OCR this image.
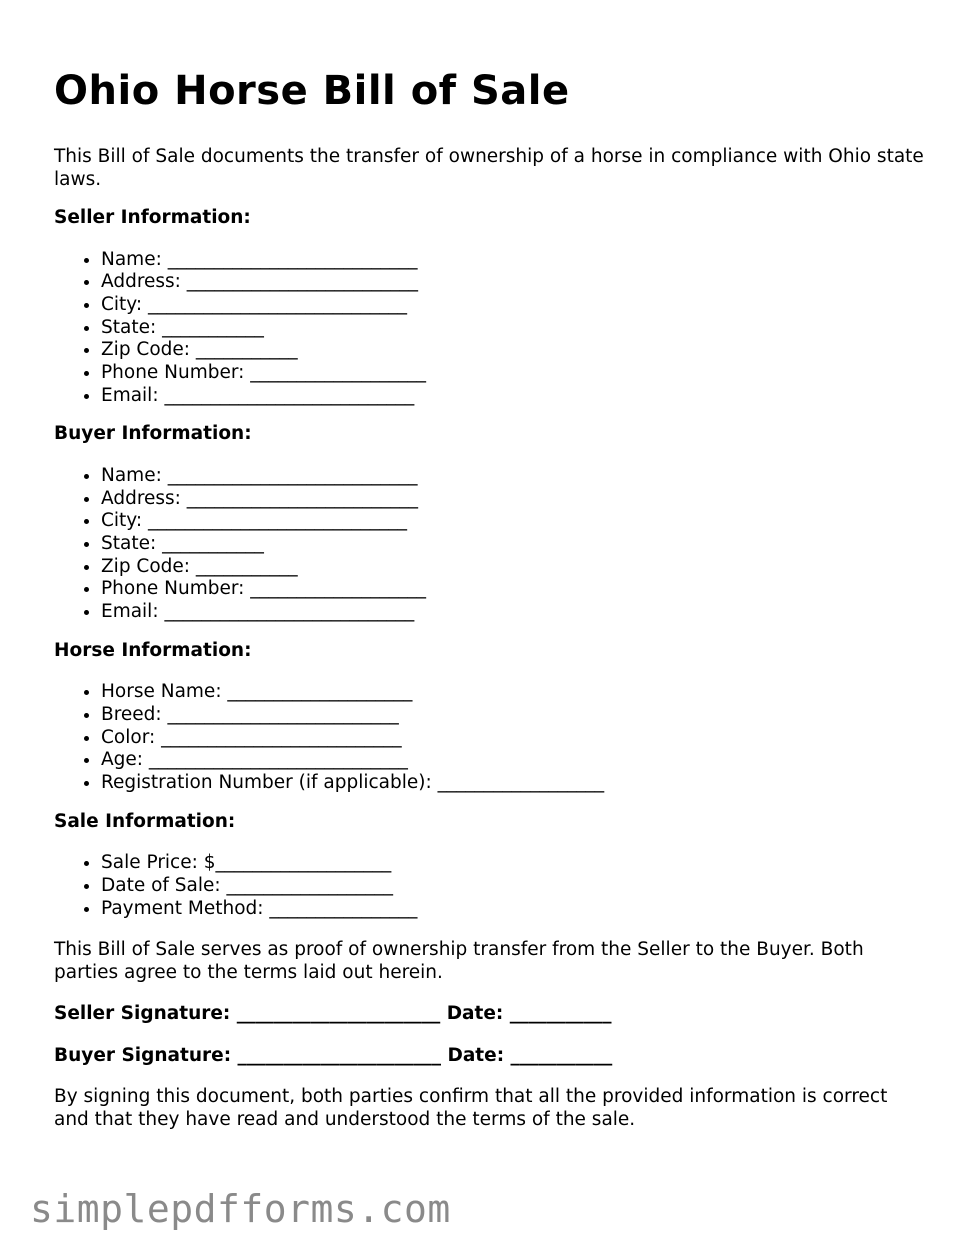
Ohio Horse Bill of Sale

This Bill of Sale documents the transfer of ownership of a horse in compliance with Ohio state laws.

Seller Information:
• Name: ___________________________
• Address: _________________________
• City: ____________________________
• State: ___________
• Zip Code: ___________
• Phone Number: ___________________
• Email: ___________________________
Buyer Information:
• Name: ___________________________
• Address: _________________________
• City: ____________________________
• State: ___________
• Zip Code: ___________
• Phone Number: ___________________
• Email: ___________________________
Horse Information:
• Horse Name: ____________________
• Breed: _________________________
• Color: __________________________
• Age: ____________________________
• Registration Number (if applicable): __________________
Sale Information:
• Sale Price: $___________________
• Date of Sale: __________________
• Payment Method: ________________

This Bill of Sale serves as proof of ownership transfer from the Seller to the Buyer. Both parties agree to the terms laid out herein.

Seller Signature: ______________________ Date: ___________

Buyer Signature: ______________________ Date: ___________

By signing this document, both parties confirm that all the provided information is correct and that they have read and understood the terms of the sale.

simplepdfforms.com
